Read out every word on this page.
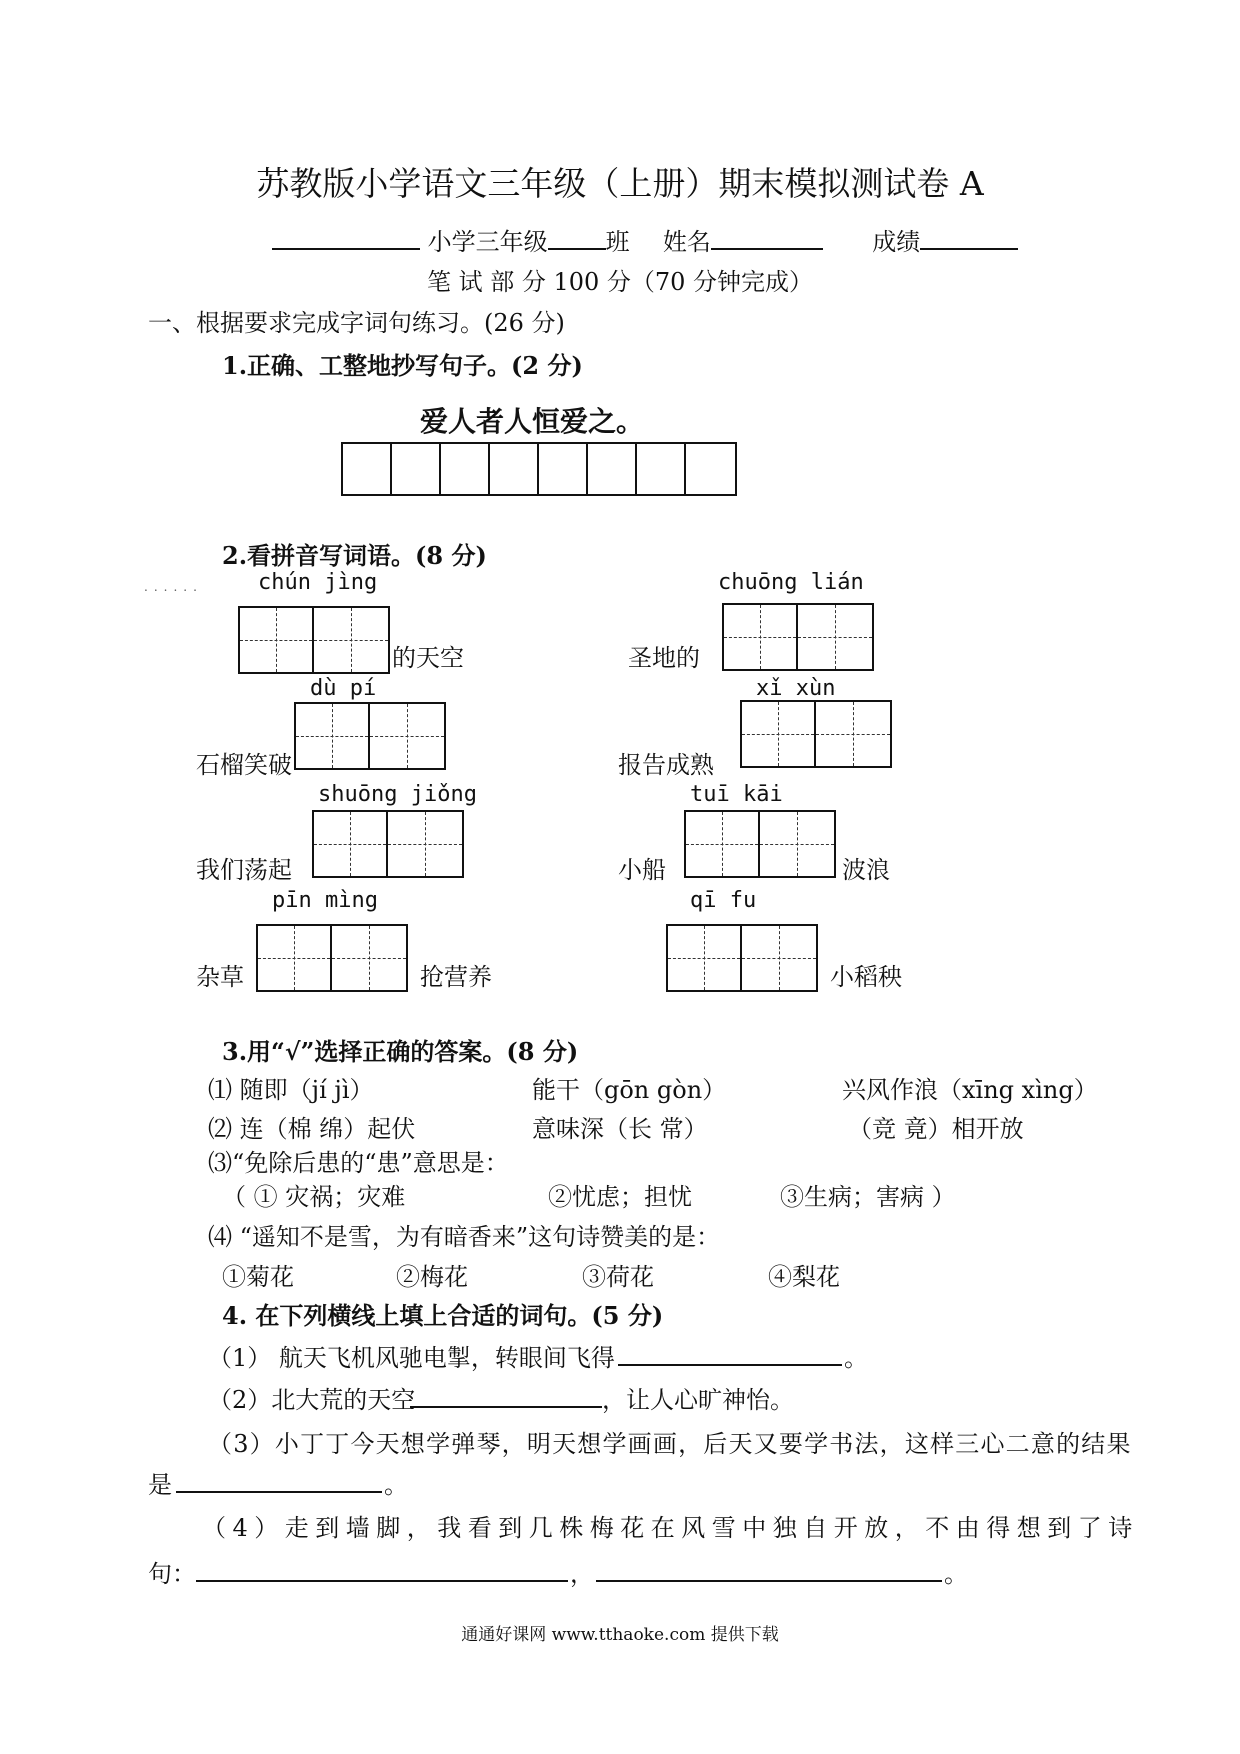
苏教版小学语文三年级（上册）期末模拟测试卷 A
小学三年级 班 姓名	成绩
笔 试 部 分 100 分（70 分钟完成）
一、根据要求完成字词句练习。(26 分)
1.正确、工整地抄写句子。(2 分)
爱人者人恒爱之。
2.看拼音写词语。(8 分)
......	chún jìng
的天空
chuōng lián
圣地的
dù pí
石榴笑破
xǐ xùn
报告成熟
shuōng jiǒng
我们荡起
tuī kāi
小船	波浪
pīn mìng
杂草	抢营养
qī fu
小稻秧
3.用“√”选择正确的答案。(8 分)
⑴ 随即（jí jì）	能干（gōn gòn）	兴风作浪（xīng xìng）
⑵ 连（棉 绵）起伏	意味深（长 常）	（竞 竟）相开放
⑶“免除后患的“患”意思是：
（ ① 灾祸；灾难	②忧虑；担忧	③生病；害病 ）
⑷ “遥知不是雪，为有暗香来”这句诗赞美的是：
①菊花	②梅花	③荷花	④梨花
4. 在下列横线上填上合适的词句。(5 分)
（1） 航天飞机风驰电掣，转眼间飞得	。
（2）北大荒的天空	，让人心旷神怡。
（3）小丁丁今天想学弹琴，明天想学画画，后天又要学书法，这样三心二意的结果
是	。
（4）走到墙脚，我看到几株梅花在风雪中独自开放，不由得想到了诗
句：	，	。
通通好课网 www.tthaoke.com 提供下载
